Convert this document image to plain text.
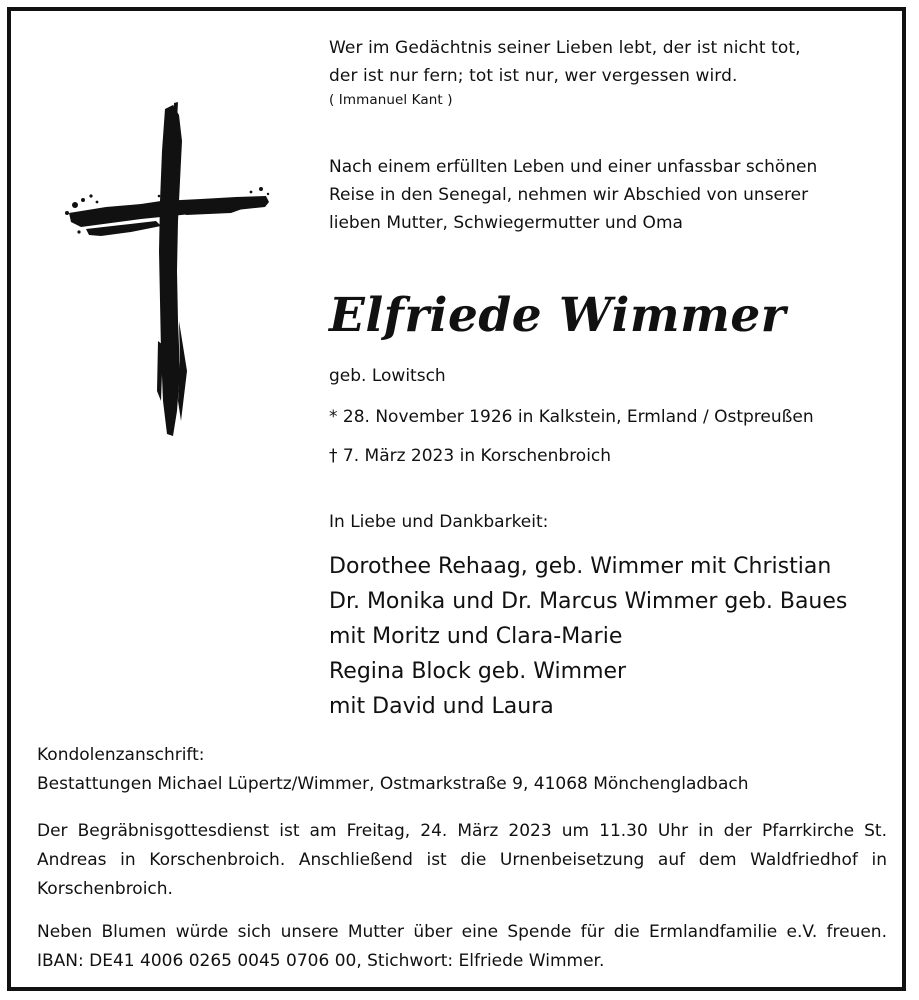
Wer im Gedächtnis seiner Lieben lebt, der ist nicht tot,
der ist nur fern; tot ist nur, wer vergessen wird.
( Immanuel Kant )
Nach einem erfüllten Leben und einer unfassbar schönen
Reise in den Senegal, nehmen wir Abschied von unserer
lieben Mutter, Schwiegermutter und Oma
Elfriede Wimmer
geb. Lowitsch
* 28. November 1926 in Kalkstein, Ermland / Ostpreußen
† 7. März 2023 in Korschenbroich
In Liebe und Dankbarkeit:
Dorothee Rehaag, geb. Wimmer mit Christian
Dr. Monika und Dr. Marcus Wimmer geb. Baues
mit Moritz und Clara-Marie
Regina Block geb. Wimmer
mit David und Laura
Kondolenzanschrift:
Bestattungen Michael Lüpertz/Wimmer, Ostmarkstraße 9, 41068 Mönchengladbach
Der Begräbnisgottesdienst ist am Freitag, 24. März 2023 um 11.30 Uhr in der Pfarrkirche St. Andreas in Korschenbroich. Anschließend ist die Urnenbeisetzung auf dem Waldfriedhof in Korschenbroich.
Neben Blumen würde sich unsere Mutter über eine Spende für die Ermlandfamilie e.V. freuen. IBAN: DE41 4006 0265 0045 0706 00, Stichwort: Elfriede Wimmer.
